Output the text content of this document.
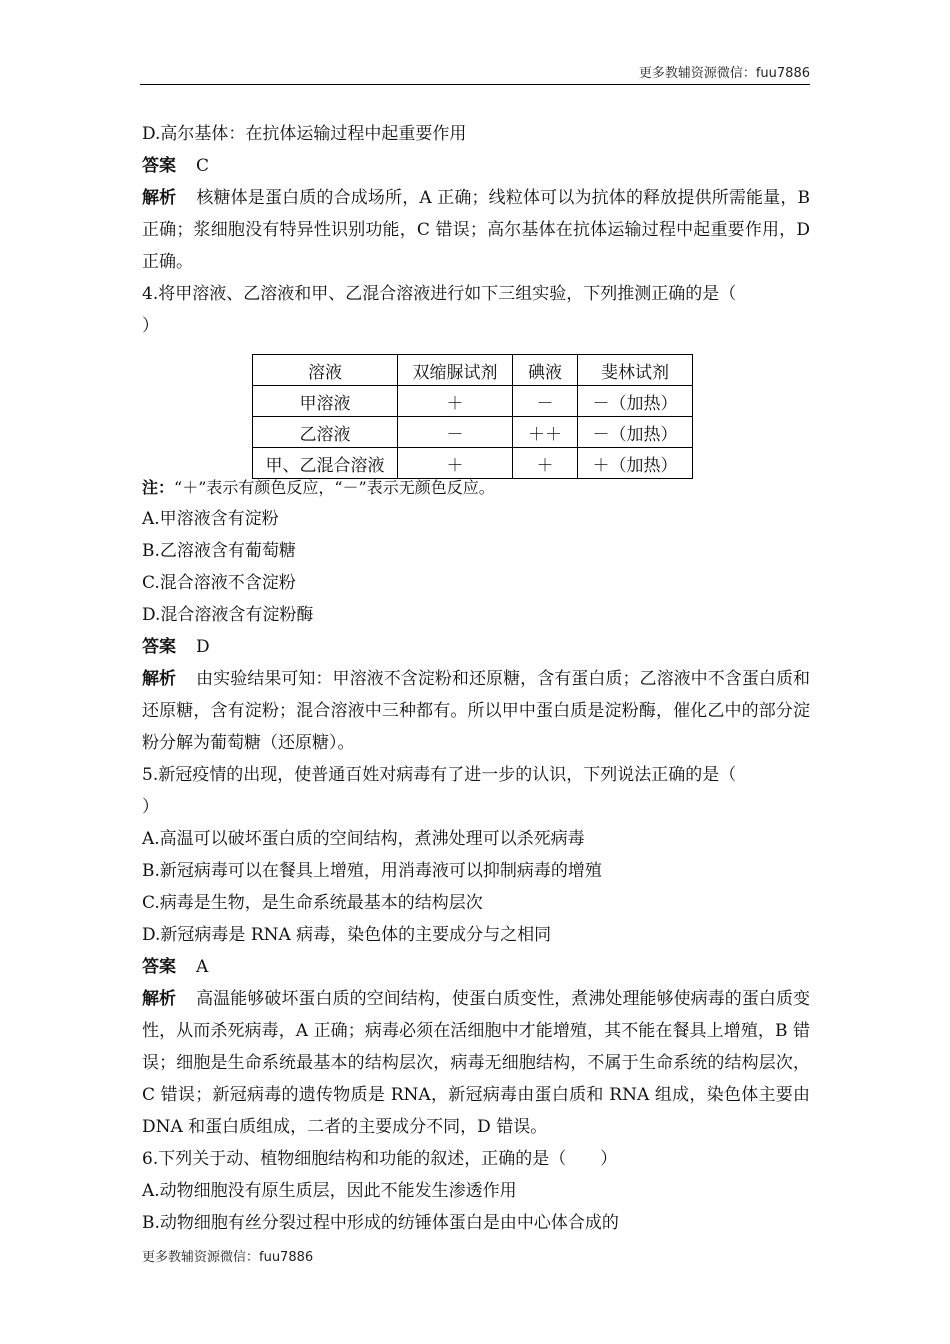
更多教辅资源微信：fuu7886
D.高尔基体：在抗体运输过程中起重要作用
答案 C
解析 核糖体是蛋白质的合成场所，A 正确；线粒体可以为抗体的释放提供所需能量，B 正确；浆细胞没有特异性识别功能，C 错误；高尔基体在抗体运输过程中起重要作用，D 正确。
4.将甲溶液、乙溶液和甲、乙混合溶液进行如下三组实验，下列推测正确的是（
）
溶液	双缩脲试剂	碘液	斐林试剂
甲溶液	＋	－	－（加热）
乙溶液	－	＋＋	－（加热）
甲、乙混合溶液	＋	＋	＋（加热）
注：“＋”表示有颜色反应，“－”表示无颜色反应。
A.甲溶液含有淀粉
B.乙溶液含有葡萄糖
C.混合溶液不含淀粉
D.混合溶液含有淀粉酶
答案 D
解析 由实验结果可知：甲溶液不含淀粉和还原糖，含有蛋白质；乙溶液中不含蛋白质和还原糖，含有淀粉；混合溶液中三种都有。所以甲中蛋白质是淀粉酶，催化乙中的部分淀粉分解为葡萄糖（还原糖）。
5.新冠疫情的出现，使普通百姓对病毒有了进一步的认识，下列说法正确的是（
）
A.高温可以破坏蛋白质的空间结构，煮沸处理可以杀死病毒
B.新冠病毒可以在餐具上增殖，用消毒液可以抑制病毒的增殖
C.病毒是生物，是生命系统最基本的结构层次
D.新冠病毒是 RNA 病毒，染色体的主要成分与之相同
答案 A
解析 高温能够破坏蛋白质的空间结构，使蛋白质变性，煮沸处理能够使病毒的蛋白质变性，从而杀死病毒，A 正确；病毒必须在活细胞中才能增殖，其不能在餐具上增殖，B 错误；细胞是生命系统最基本的结构层次，病毒无细胞结构，不属于生命系统的结构层次，C 错误；新冠病毒的遗传物质是 RNA，新冠病毒由蛋白质和 RNA 组成，染色体主要由 DNA 和蛋白质组成，二者的主要成分不同，D 错误。
6.下列关于动、植物细胞结构和功能的叙述，正确的是（　　）
A.动物细胞没有原生质层，因此不能发生渗透作用
B.动物细胞有丝分裂过程中形成的纺锤体蛋白是由中心体合成的
更多教辅资源微信：fuu7886
